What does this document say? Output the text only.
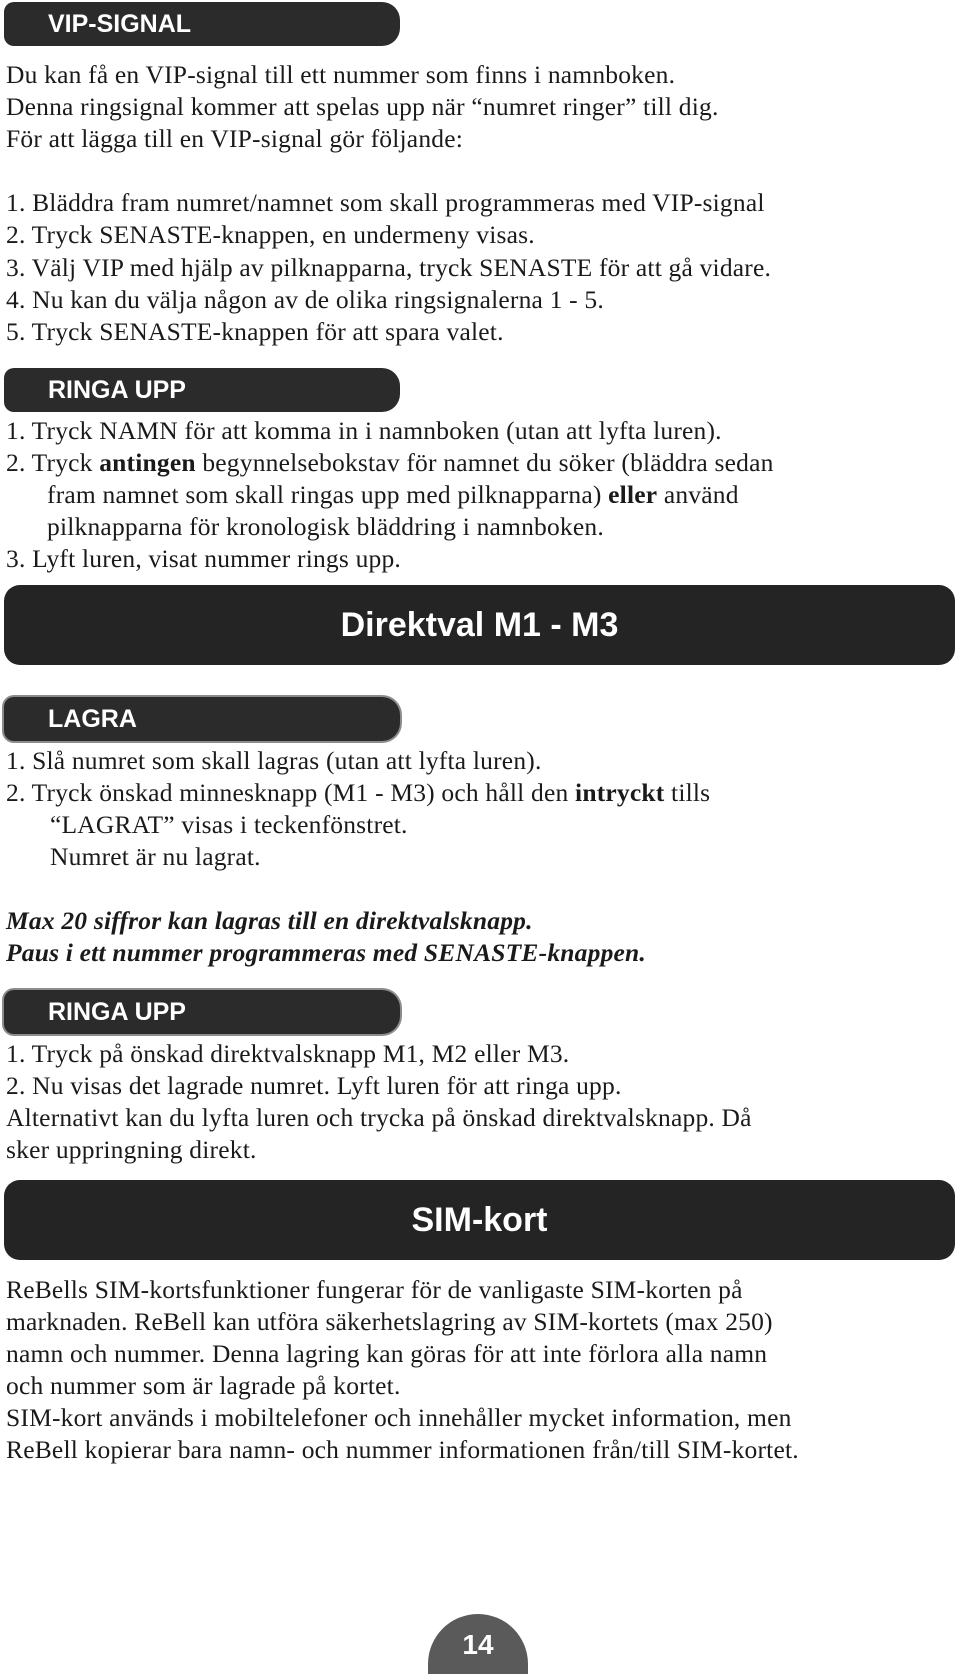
VIP-SIGNAL
Du kan få en VIP-signal till ett nummer som finns i namnboken.
Denna ringsignal kommer att spelas upp när “numret ringer” till dig.
För att lägga till en VIP-signal gör följande:
1. Bläddra fram numret/namnet som skall programmeras med VIP-signal
2. Tryck SENASTE-knappen, en undermeny visas.
3. Välj VIP med hjälp av pilknapparna, tryck SENASTE för att gå vidare.
4. Nu kan du välja någon av de olika ringsignalerna 1 - 5.
5. Tryck SENASTE-knappen för att spara valet.
RINGA UPP
1. Tryck NAMN för att komma in i namnboken (utan att lyfta luren).
2. Tryck antingen begynnelsebokstav för namnet du söker (bläddra sedan
fram namnet som skall ringas upp med pilknapparna) eller använd
pilknapparna för kronologisk bläddring i namnboken.
3. Lyft luren, visat nummer rings upp.
Direktval M1 - M3
LAGRA
1. Slå numret som skall lagras (utan att lyfta luren).
2. Tryck önskad minnesknapp (M1 - M3) och håll den intryckt tills
“LAGRAT” visas i teckenfönstret.
Numret är nu lagrat.
Max 20 siffror kan lagras till en direktvalsknapp.
Paus i ett nummer programmeras med SENASTE-knappen.
RINGA UPP
1. Tryck på önskad direktvalsknapp M1, M2 eller M3.
2. Nu visas det lagrade numret. Lyft luren för att ringa upp.
Alternativt kan du lyfta luren och trycka på önskad direktvalsknapp. Då
sker uppringning direkt.
SIM-kort
ReBells SIM-kortsfunktioner fungerar för de vanligaste SIM-korten på
marknaden. ReBell kan utföra säkerhetslagring av SIM-kortets (max 250)
namn och nummer. Denna lagring kan göras för att inte förlora alla namn
och nummer som är lagrade på kortet.
SIM-kort används i mobiltelefoner och innehåller mycket information, men
ReBell kopierar bara namn- och nummer informationen från/till SIM-kortet.
14
